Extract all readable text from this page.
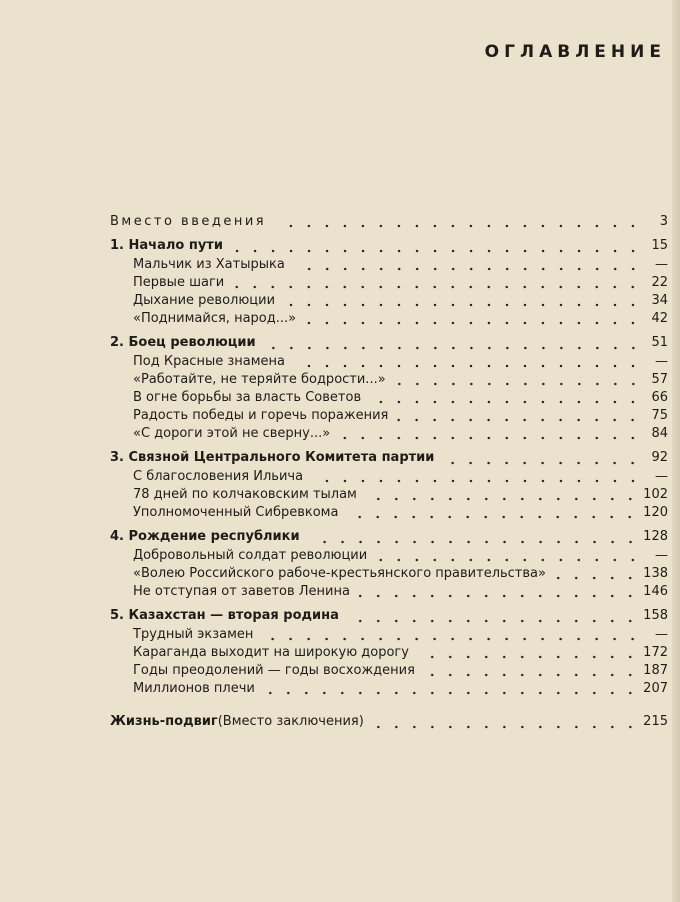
ОГЛАВЛЕНИЕ
Вместо введения	3
1. Начало пути	15
Мальчик из Хатырыка	—
Первые шаги	22
Дыхание революции	34
«Поднимайся, народ...»	42
2. Боец революции	51
Под Красные знамена	—
«Работайте, не теряйте бодрости...»	57
В огне борьбы за власть Советов	66
Радость победы и горечь поражения	75
«С дороги этой не сверну...»	84
3. Связной Центрального Комитета партии	92
С благословения Ильича	—
78 дней по колчаковским тылам	102
Уполномоченный Сибревкома	120
4. Рождение республики	128
Добровольный солдат революции	—
«Волею Российского рабоче-крестьянского правительства»	138
Не отступая от заветов Ленина	146
5. Казахстан — вторая родина	158
Трудный экзамен	—
Караганда выходит на широкую дорогу	172
Годы преодолений — годы восхождения	187
Миллионов плечи	207
Жизнь-подвиг (Вместо заключения)	215
